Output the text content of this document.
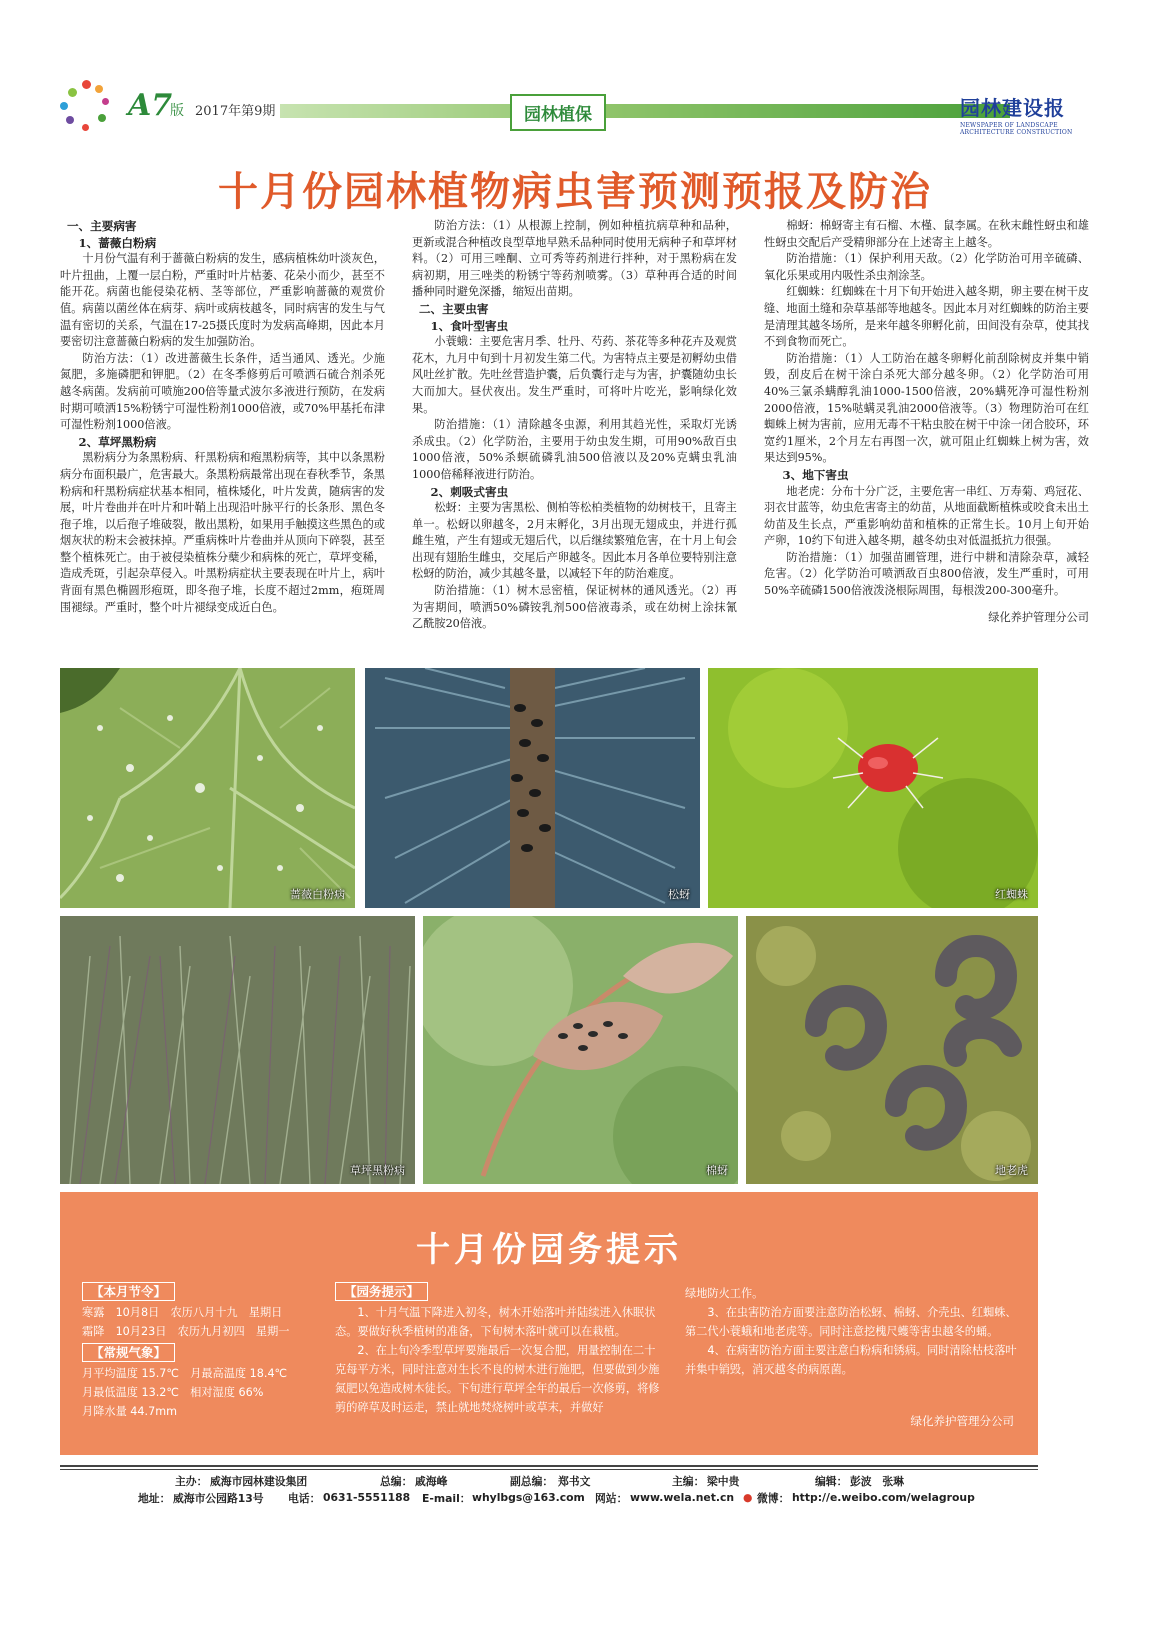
A7
版 2017年第9期	园林植保	园林建设报
NEWSPAPER OF LANDSCAPE ARCHITECTURE CONSTRUCTION
十月份园林植物病虫害预测预报及防治

一、主要病害

1、蔷薇白粉病

十月份气温有利于蔷薇白粉病的发生，感病植株幼叶淡灰色，叶片扭曲，上覆一层白粉，严重时叶片枯萎、花朵小而少，甚至不能开花。病菌也能侵染花柄、茎等部位，严重影响蔷薇的观赏价值。病菌以菌丝体在病芽、病叶或病枝越冬，同时病害的发生与气温有密切的关系，气温在17-25摄氏度时为发病高峰期，因此本月要密切注意蔷薇白粉病的发生加强防治。

防治方法：（1）改进蔷薇生长条件，适当通风、透光。少施氮肥，多施磷肥和钾肥。（2）在冬季修剪后可喷洒石硫合剂杀死越冬病菌。发病前可喷施200倍等量式波尔多液进行预防，在发病时期可喷洒15%粉锈宁可湿性粉剂1000倍液，或70%甲基托布津可湿性粉剂1000倍液。

2、草坪黑粉病

黑粉病分为条黑粉病、秆黑粉病和疱黑粉病等，其中以条黑粉病分布面积最广，危害最大。条黑粉病最常出现在春秋季节，条黑粉病和秆黑粉病症状基本相同，植株矮化，叶片发黄，随病害的发展，叶片卷曲并在叶片和叶鞘上出现沿叶脉平行的长条形、黑色冬孢子堆，以后孢子堆破裂，散出黑粉，如果用手触摸这些黑色的或烟灰状的粉末会被抹掉。严重病株叶片卷曲并从顶向下碎裂，甚至整个植株死亡。由于被侵染植株分蘖少和病株的死亡，草坪变稀，造成秃斑，引起杂草侵入。叶黑粉病症状主要表现在叶片上，病叶背面有黑色椭圆形疱斑，即冬孢子堆，长度不超过2mm，疱斑周围褪绿。严重时，整个叶片褪绿变成近白色。

防治方法：（1）从根源上控制，例如种植抗病草种和品种，更新或混合种植改良型草地早熟禾品种同时使用无病种子和草坪材料。（2）可用三唑酮、立可秀等药剂进行拌种，对于黑粉病在发病初期，用三唑类的粉锈宁等药剂喷雾。（3）草种再合适的时间播种同时避免深播，缩短出苗期。

二、主要虫害

1、食叶型害虫

小蓑蛾：主要危害月季、牡丹、芍药、茶花等多种花卉及观赏花木，九月中旬到十月初发生第二代。为害特点主要是初孵幼虫借风吐丝扩散。先吐丝营造护囊，后负囊行走与为害，护囊随幼虫长大而加大。昼伏夜出。发生严重时，可将叶片吃光，影响绿化效果。

防治措施：（1）清除越冬虫源，利用其趋光性，采取灯光诱杀成虫。（2）化学防治，主要用于幼虫发生期，可用90%敌百虫1000倍液，50%杀螟硫磷乳油500倍液以及20%克螨虫乳油1000倍稀释液进行防治。

2、刺吸式害虫

松蚜：主要为害黑松、侧柏等松柏类植物的幼树枝干，且寄主单一。松蚜以卵越冬，2月末孵化，3月出现无翅成虫，并进行孤雌生殖，产生有翅或无翅后代，以后继续繁殖危害，在十月上旬会出现有翅胎生雌虫，交尾后产卵越冬。因此本月各单位要特别注意松蚜的防治，减少其越冬量，以减轻下年的防治难度。

防治措施：（1）树木忌密植，保证树林的通风透光。（2）再为害期间，喷洒50%磷铵乳剂500倍液毒杀，或在幼树上涂抹氰乙酰胺20倍液。

棉蚜：棉蚜寄主有石榴、木槿、鼠李属。在秋末雌性蚜虫和雄性蚜虫交配后产受精卵部分在上述寄主上越冬。

防治措施：（1）保护利用天敌。（2）化学防治可用辛硫磷、氧化乐果或用内吸性杀虫剂涂茎。

红蜘蛛：红蜘蛛在十月下旬开始进入越冬期，卵主要在树干皮缝、地面土缝和杂草基部等地越冬。因此本月对红蜘蛛的防治主要是清理其越冬场所，是来年越冬卵孵化前，田间没有杂草，使其找不到食物而死亡。

防治措施：（1）人工防治在越冬卵孵化前刮除树皮并集中销毁，刮皮后在树干涂白杀死大部分越冬卵。（2）化学防治可用40%三氯杀螨醇乳油1000-1500倍液，20%螨死净可湿性粉剂2000倍液，15%哒螨灵乳油2000倍液等。（3）物理防治可在红蜘蛛上树为害前，应用无毒不干粘虫胶在树干中涂一闭合胶环，环宽约1厘米，2个月左右再图一次，就可阻止红蜘蛛上树为害，效果达到95%。

3、地下害虫

地老虎：分布十分广泛，主要危害一串红、万寿菊、鸡冠花、羽衣甘蓝等，幼虫危害寄主的幼苗，从地面截断植株或咬食未出土幼苗及生长点，严重影响幼苗和植株的正常生长。10月上旬开始产卵，10约下旬进入越冬期，越冬幼虫对低温抵抗力很强。

防治措施：（1）加强苗圃管理，进行中耕和清除杂草，减轻危害。（2）化学防治可喷洒敌百虫800倍液，发生严重时，可用50%辛硫磷1500倍液泼浇根际周围，每根泼200-300毫升。

绿化养护管理分公司

蔷薇白粉病	松蚜	红蜘蛛
草坪黑粉病	棉蚜	地老虎
十月份园务提示
【本月节令】
寒露　10月8日　农历八月十九　星期日
霜降　10月23日　农历九月初四　星期一
【常规气象】
月平均温度 15.7℃　月最高温度 18.4℃
月最低温度 13.2℃　相对湿度 66%
月降水量 44.7mm
【园务提示】

1、十月气温下降进入初冬，树木开始落叶并陆续进入休眠状态。要做好秋季植树的准备，下旬树木落叶就可以在栽植。

2、在上旬冷季型草坪要施最后一次复合肥，用量控制在二十克每平方米，同时注意对生长不良的树木进行施肥，但要做到少施氮肥以免造成树木徒长。下旬进行草坪全年的最后一次修剪，将修剪的碎草及时运走，禁止就地焚烧树叶或草末，并做好

绿地防火工作。

3、在虫害防治方面要注意防治松蚜、棉蚜、介壳虫、红蜘蛛、第二代小蓑蛾和地老虎等。同时注意挖槐尺蠖等害虫越冬的蛹。

4、在病害防治方面主要注意白粉病和锈病。同时清除枯枝落叶并集中销毁，消灭越冬的病原菌。

绿化养护管理分公司
主办： 威海市园林建设集团	总编： 戚海峰	副总编： 郑书文	主编： 梁中贵	编辑： 彭波　张琳
地址： 威海市公园路13号 电话： 0631-5551188 E-mail： whylbgs@163.com 网站： www.wela.net.cn ● 微博： http://e.weibo.com/welagroup
